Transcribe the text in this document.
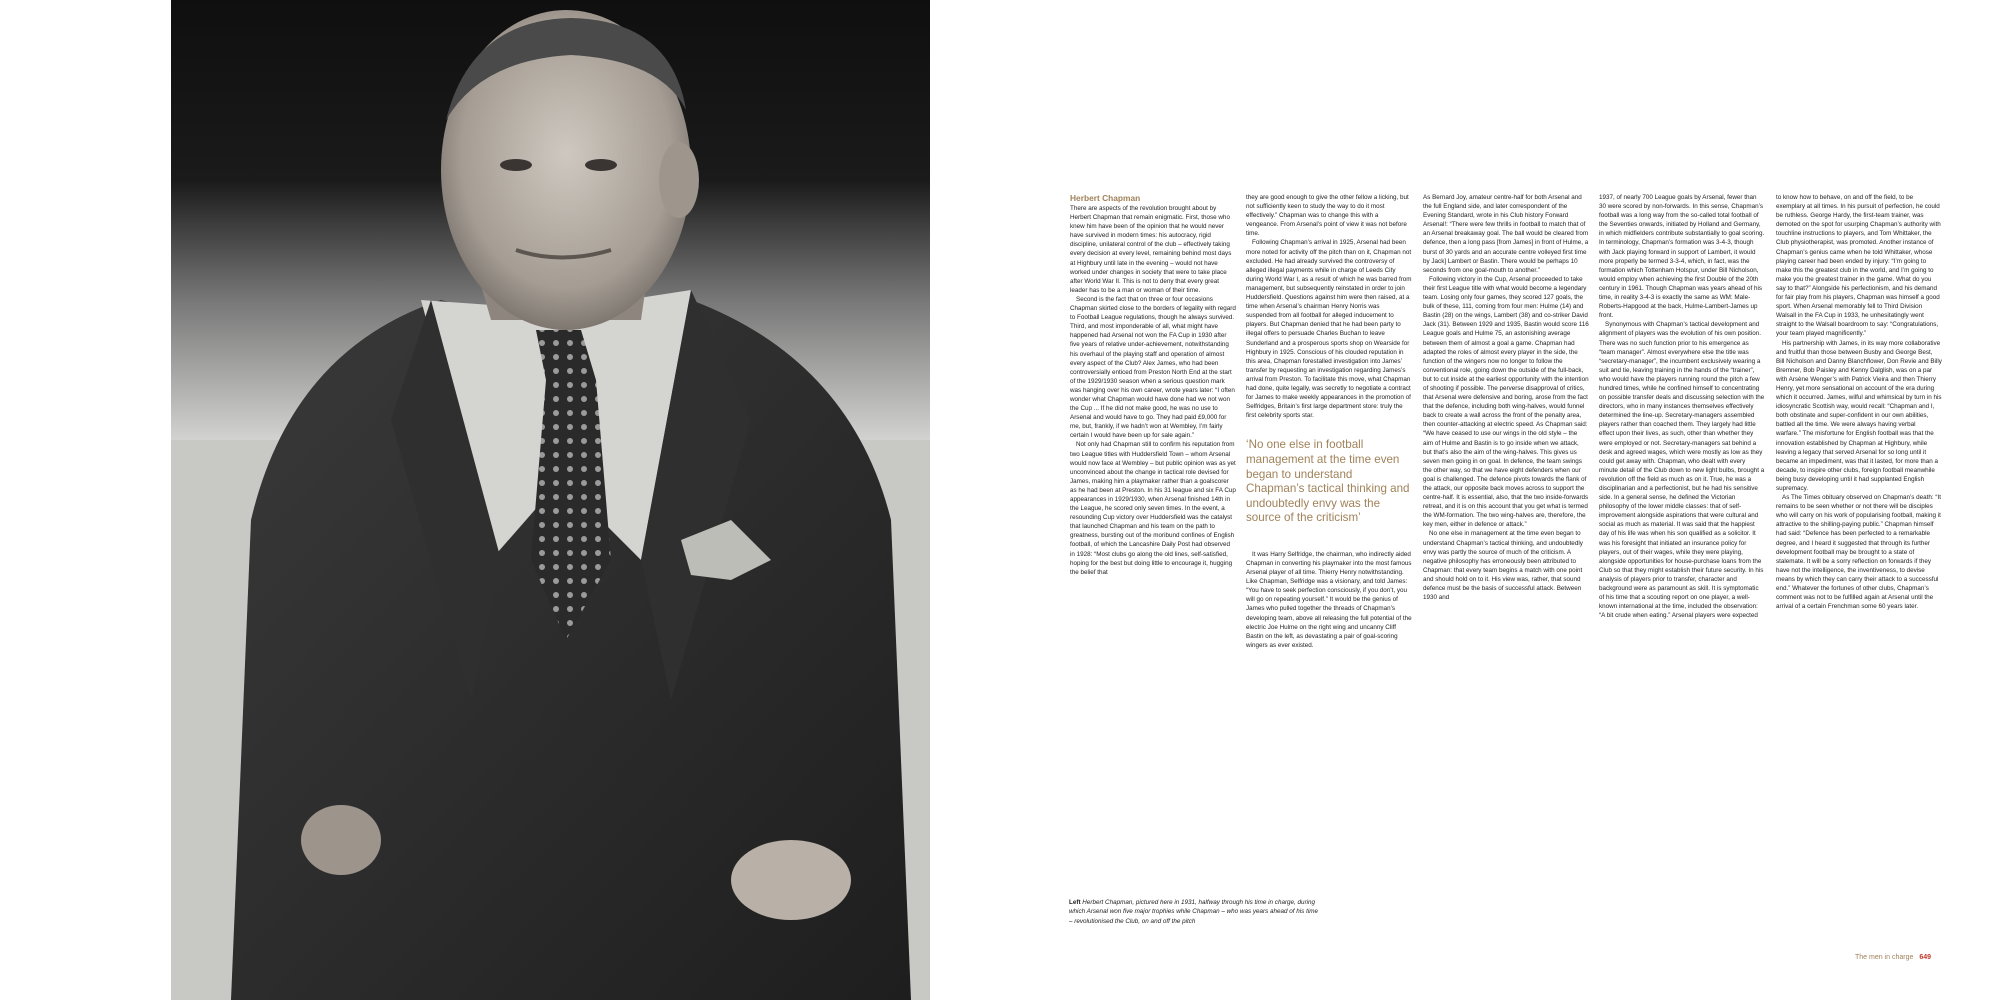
Herbert Chapman

There are aspects of the revolution brought about by Herbert Chapman that remain enigmatic. First, those who knew him have been of the opinion that he would never have survived in modern times: his autocracy, rigid discipline, unilateral control of the club – effectively taking every decision at every level, remaining behind most days at Highbury until late in the evening – would not have worked under changes in society that were to take place after World War II. This is not to deny that every great leader has to be a man or woman of their time.

Second is the fact that on three or four occasions Chapman skirted close to the borders of legality with regard to Football League regulations, though he always survived. Third, and most imponderable of all, what might have happened had Arsenal not won the FA Cup in 1930 after five years of relative under-achievement, notwithstanding his overhaul of the playing staff and operation of almost every aspect of the Club? Alex James, who had been controversially enticed from Preston North End at the start of the 1929/1930 season when a serious question mark was hanging over his own career, wrote years later: “I often wonder what Chapman would have done had we not won the Cup ... If he did not make good, he was no use to Arsenal and would have to go. They had paid £9,000 for me, but, frankly, if we hadn’t won at Wembley, I’m fairly certain I would have been up for sale again.”

Not only had Chapman still to confirm his reputation from two League titles with Huddersfield Town – whom Arsenal would now face at Wembley – but public opinion was as yet unconvinced about the change in tactical role devised for James, making him a playmaker rather than a goalscorer as he had been at Preston. In his 31 league and six FA Cup appearances in 1929/1930, when Arsenal finished 14th in the League, he scored only seven times. In the event, a resounding Cup victory over Huddersfield was the catalyst that launched Chapman and his team on the path to greatness, bursting out of the moribund confines of English football, of which the Lancashire Daily Post had observed in 1928: “Most clubs go along the old lines, self-satisfied, hoping for the best but doing little to encourage it, hugging the belief that

they are good enough to give the other fellow a licking, but not sufficiently keen to study the way to do it most effectively.” Chapman was to change this with a vengeance. From Arsenal’s point of view it was not before time.

Following Chapman’s arrival in 1925, Arsenal had been more noted for activity off the pitch than on it, Chapman not excluded. He had already survived the controversy of alleged illegal payments while in charge of Leeds City during World War I, as a result of which he was barred from management, but subsequently reinstated in order to join Huddersfield. Questions against him were then raised, at a time when Arsenal’s chairman Henry Norris was suspended from all football for alleged inducement to players. But Chapman denied that he had been party to illegal offers to persuade Charles Buchan to leave Sunderland and a prosperous sports shop on Wearside for Highbury in 1925. Conscious of his clouded reputation in this area, Chapman forestalled investigation into James’ transfer by requesting an investigation regarding James’s arrival from Preston. To facilitate this move, what Chapman had done, quite legally, was secretly to negotiate a contract for James to make weekly appearances in the promotion of Selfridges, Britain’s first large department store: truly the first celebrity sports star.

‘No one else in football management at the time even began to understand Chapman’s tactical thinking and undoubtedly envy was the source of the criticism’

It was Harry Selfridge, the chairman, who indirectly aided Chapman in converting his playmaker into the most famous Arsenal player of all time. Thierry Henry notwithstanding. Like Chapman, Selfridge was a visionary, and told James: “You have to seek perfection consciously, if you don’t, you will go on repeating yourself.” It would be the genius of James who pulled together the threads of Chapman’s developing team, above all releasing the full potential of the electric Joe Hulme on the right wing and uncanny Cliff Bastin on the left, as devastating a pair of goal-scoring wingers as ever existed.

As Bernard Joy, amateur centre-half for both Arsenal and the full England side, and later correspondent of the Evening Standard, wrote in his Club history Forward Arsenal!: “There were few thrills in football to match that of an Arsenal breakaway goal. The ball would be cleared from defence, then a long pass [from James] in front of Hulme, a burst of 30 yards and an accurate centre volleyed first time by Jack] Lambert or Bastin. There would be perhaps 10 seconds from one goal-mouth to another.”

Following victory in the Cup, Arsenal proceeded to take their first League title with what would become a legendary team. Losing only four games, they scored 127 goals, the bulk of these, 111, coming from four men: Hulme (14) and Bastin (28) on the wings, Lambert (38) and co-striker David Jack (31). Between 1929 and 1935, Bastin would score 116 League goals and Hulme 75, an astonishing average between them of almost a goal a game. Chapman had adapted the roles of almost every player in the side, the function of the wingers now no longer to follow the conventional role, going down the outside of the full-back, but to cut inside at the earliest opportunity with the intention of shooting if possible. The perverse disapproval of critics, that Arsenal were defensive and boring, arose from the fact that the defence, including both wing-halves, would funnel back to create a wall across the front of the penalty area, then counter-attacking at electric speed. As Chapman said: “We have ceased to use our wings in the old style – the aim of Hulme and Bastin is to go inside when we attack, but that’s also the aim of the wing-halves. This gives us seven men going in on goal. In defence, the team swings the other way, so that we have eight defenders when our goal is challenged. The defence pivots towards the flank of the attack, our opposite back moves across to support the centre-half. It is essential, also, that the two inside-forwards retreat, and it is on this account that you get what is termed the WM-formation. The two wing-halves are, therefore, the key men, either in defence or attack.”

No one else in management at the time even began to understand Chapman’s tactical thinking, and undoubtedly envy was partly the source of much of the criticism. A negative philosophy has erroneously been attributed to Chapman: that every team begins a match with one point and should hold on to it. His view was, rather, that sound defence must be the basis of successful attack. Between 1930 and

1937, of nearly 700 League goals by Arsenal, fewer than 30 were scored by non-forwards. In this sense, Chapman’s football was a long way from the so-called total football of the Seventies onwards, initiated by Holland and Germany, in which midfielders contribute substantially to goal scoring. In terminology, Chapman’s formation was 3-4-3, though with Jack playing forward in support of Lambert, it would more properly be termed 3-3-4, which, in fact, was the formation which Tottenham Hotspur, under Bill Nicholson, would employ when achieving the first Double of the 20th century in 1961. Though Chapman was years ahead of his time, in reality 3-4-3 is exactly the same as WM: Male-Roberts-Hapgood at the back, Hulme-Lambert-James up front.

Synonymous with Chapman’s tactical development and alignment of players was the evolution of his own position. There was no such function prior to his emergence as “team manager”. Almost everywhere else the title was “secretary-manager”, the incumbent exclusively wearing a suit and tie, leaving training in the hands of the “trainer”, who would have the players running round the pitch a few hundred times, while he confined himself to concentrating on possible transfer deals and discussing selection with the directors, who in many instances themselves effectively determined the line-up. Secretary-managers assembled players rather than coached them. They largely had little effect upon their lives, as such, other than whether they were employed or not. Secretary-managers sat behind a desk and agreed wages, which were mostly as low as they could get away with. Chapman, who dealt with every minute detail of the Club down to new light bulbs, brought a revolution off the field as much as on it. True, he was a disciplinarian and a perfectionist, but he had his sensitive side. In a general sense, he defined the Victorian philosophy of the lower middle classes: that of self-improvement alongside aspirations that were cultural and social as much as material. It was said that the happiest day of his life was when his son qualified as a solicitor. It was his foresight that initiated an insurance policy for players, out of their wages, while they were playing, alongside opportunities for house-purchase loans from the Club so that they might establish their future security. In his analysis of players prior to transfer, character and background were as paramount as skill. It is symptomatic of his time that a scouting report on one player, a well-known international at the time, included the observation: “A bit crude when eating.” Arsenal players were expected

to know how to behave, on and off the field, to be exemplary at all times. In his pursuit of perfection, he could be ruthless. George Hardy, the first-team trainer, was demoted on the spot for usurping Chapman’s authority with touchline instructions to players, and Tom Whittaker, the Club physiotherapist, was promoted. Another instance of Chapman’s genius came when he told Whittaker, whose playing career had been ended by injury: “I’m going to make this the greatest club in the world, and I’m going to make you the greatest trainer in the game. What do you say to that?” Alongside his perfectionism, and his demand for fair play from his players, Chapman was himself a good sport. When Arsenal memorably fell to Third Division Walsall in the FA Cup in 1933, he unhesitatingly went straight to the Walsall boardroom to say: “Congratulations, your team played magnificently.”

His partnership with James, in its way more collaborative and fruitful than those between Busby and George Best, Bill Nicholson and Danny Blanchflower, Don Revie and Billy Bremner, Bob Paisley and Kenny Dalglish, was on a par with Arsène Wenger’s with Patrick Vieira and then Thierry Henry, yet more sensational on account of the era during which it occurred. James, wilful and whimsical by turn in his idiosyncratic Scottish way, would recall: “Chapman and I, both obstinate and super-confident in our own abilities, battled all the time. We were always having verbal warfare.” The misfortune for English football was that the innovation established by Chapman at Highbury, while leaving a legacy that served Arsenal for so long until it became an impediment, was that it lasted, for more than a decade, to inspire other clubs, foreign football meanwhile being busy developing until it had supplanted English supremacy.

As The Times obituary observed on Chapman’s death: “It remains to be seen whether or not there will be disciples who will carry on his work of popularising football, making it attractive to the shilling-paying public.” Chapman himself had said: “Defence has been perfected to a remarkable degree, and I heard it suggested that through its further development football may be brought to a state of stalemate. It will be a sorry reflection on forwards if they have not the intelligence, the inventiveness, to devise means by which they can carry their attack to a successful end.” Whatever the fortunes of other clubs, Chapman’s comment was not to be fulfilled again at Arsenal until the arrival of a certain Frenchman some 60 years later.

Left Herbert Chapman, pictured here in 1931, halfway through his time in charge, during which Arsenal won five major trophies while Chapman – who was years ahead of his time – revolutionised the Club, on and off the pitch
The men in charge 649
